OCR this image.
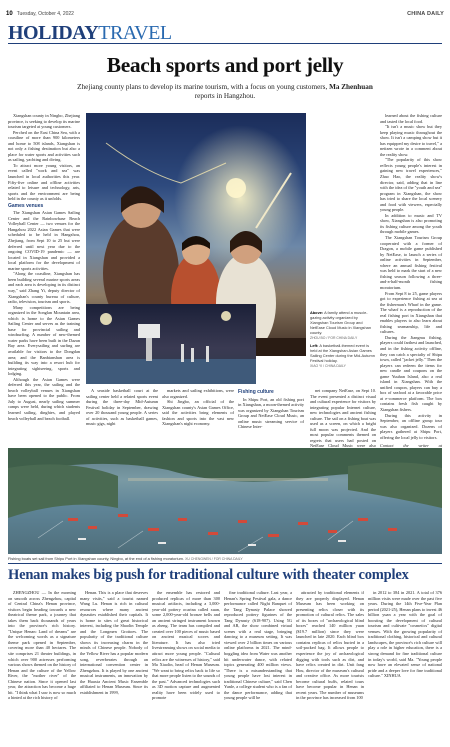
10 Tuesday, October 4, 2022	CHINA DAILY
HOLIDAY TRAVEL
Beach sports and port jelly
Zhejiang county plans to develop its marine tourism, with a focus on young customers, Ma Zhenhuan reports in Hangzhou.

Xiangshan county in Ningbo, Zhejiang province, is seeking to develop its marine tourism targeted at young customers.

Perched on the East China Sea, with a coastline of more than 900 kilometers and home to 508 islands, Xiangshan is not only a fishing destination but also a place for water sports and activities such as sailing, yachting and diving.

To attract more young visitors, an event called "work and sea" was launched in local authorities this year. Fifty-five online and offline activities related to leisure and technology, arts, sports and the environment are being held in the county as it unfolds.

Games venues

The Xiangshan Asian Games Sailing Center and the Rainbowbase Beach Volleyball Center — two venues for the Hangzhou 2022 Asian Games that were scheduled to be held in Hangzhou, Zhejiang, from Sept 10 to 25 but were deferred until next year due to the ongoing COVID-19 pandemic — are located in Xiangshan and provided a local platform for the development of marine sports activities.

"Along the coastline, Xiangshan has been building several marine sports areas and each area is developing in its distinct way," said Zhang Yi, deputy director of Xiangshan's county bureau of culture, radio, television, tourism and sports.

Many competitions are being organized in the Songlan Mountain area, which is home to the Asian Games Sailing Center and serves as the training base for provincial sailing and windsurfing. A number of new-themed water parks have been built in the Dazan Bay area. Everysailing and surfing are available for visitors to the Dongdan area; and the Banbianshan area is building its way into a resort hub for integrating sightseeing, sports and lodging.

Although the Asian Games were deferred this year, the sailing and the beach volleyball venues in Xiangshan have been opened to the public. From July to August, nearly sailing summer camps were held, during which students learned sailing, dinghies, and played beach volleyball and beach football.

Above: A family attend a muscle-gazing activity organized by Xiangshan Tourism Group and NetEase Cloud Music in Xiangshan county.
ZHOU BO / FOR CHINA DAILY
Left: A basketball-themed event is held at the Xiangshan Asian Games Sailing Center during the Mid-Autumn Festival holiday.
XIAO YI / CHINA DAILY

learned about the fishing culture and tasted the local food.

"It isn't a music show but they keep playing music throughout the show. It isn't a camping show but it has equipped my desire to travel," a netizen wrote in a comment about the reality show.

"The popularity of this show reflects young people's interest in gaining new travel experiences," Zhao Hao, the reality show's director, said, adding that in line with the idea of the "youth and sea" program in Xiangshan, the show has tried to share the local scenery and food with viewers, especially young people.

In addition to music and TV show, Xiangshan is also promoting its fishing culture among the youth through mobile games.

The Xiangshan Tourism Group cooperated with a former of Dragon, a mobile game published by NetEase, to launch a series of online activities in September, where an annual fishing festival was held to mark the start of a new fishing season following a three-and-a-half-month fishing moratorium.

From Sept 8 to 25, game players got to experience fishing at sea at the fisherman's Wharf in the game. The wharf is a reproduction of the real fishing port in Xiangshan that enables players to also learn about fishing seamanship, life and cultures.

During the Jiangmu fishing, players could farthest and launched, and in the fishing activity offline, they can catch a specialty of Shipu town, called "jacket jelly." Then the players can redeem the items for new candle and coupons on the game Yuuhan Island, also a real island in Xiangshan. With the unified coupon, players can buy a box of seafood at a favorable price at e-commerce platform. The box contains fresh fish caught by Xiangshan fishers.

During this activity in September, an offline group tour was also organized. Dozens of players gathered at Shipu Port, offering the local jelly to visitors.

Contact the writer at

A seaside basketball court at the sailing center held a related sports event during the three-day Mid-Autumn Festival holiday in September, drawing over 20 thousand young people. A series of activities, such as basketball games, music gigs, night

markets and sailing exhibitions, were also organized.

Shi Jingbo, an official of the Xiangshan county's Asian Games Office, said the activities bring elements of fashion and sports into the vast new Xiangshan's night economy.

Fishing culture

In Shipu Port, an old fishing port in Xiangshan, a moon-themed activity was organized by Xiangshan Tourism Group and NetEase Cloud Music, an online music streaming service of Chinese Inter-

net company NetEase, on Sept 10. The event presented a distinct visual and cultural experience for visitors by integrating popular Internet culture, new technologies and ancient fishing culture. The sail on a fishing boat was used as a screen, on which a bright full moon was projected. And the most popular comments themed on regrets that users had posted on NetEase Cloud Music were also

Fishing boats set sail from Shipu Port in Xiangshan county, Ningbo, at the end of a fishing moratorium. XU CHENGWEN / FOR CHINA DAILY
Henan makes big push for traditional culture with theater complex

ZHENGZHOU — In the morning on smooth across Zhengzhou, capital of Central China's Henan province, visitors begin heading towards a new theatrical theme park, a journey that takes them back thousands of years into the province's rich history. "Unique Henan: Land of dreams" are the welcoming words as a signature theme park opened in September, covering more than 40 hectares. The site comprises 21 theater buildings, in which over 900 actresses performing various shows themed on the history of Henan and the culture of the Yellow River, the "mother river" of the Chinese nation. Since it opened last year, the attraction has become a huge hit. "I think what I saw is now so much a hinted at the rich history of

Henan. This is a place that deserves many visits," said a tourist named Wang Lu. Henan is rich in cultural resources where many ancient dynasties established their capitals. It is home to sites of great historical interest, including the Shaolin Temple and the Longmen Grottoes. The popularity of the traditional culture shows its increasing charm in the minds of Chinese people. Nobody of the Yellow River has a popular modern song, reverberates through an international convention center in Zhengzhou. It is played by one ancient musical instruments, an innovation by the Huaxia Ancient Music Ensemble affiliated to Henan Museum. Since its establishment in 1999,

the ensemble has restored and produced replicas of more than 300 musical artifacts, including a 3,000-year-old pottery ocarina called xuan, some 2,000-year-old bronze bells and an ancient stringed instrument known as zheng. The team has compiled and created over 100 pieces of music based on ancient musical scores and literature. It has also tried livestreaming shows on social media to attract more young people. "Cultural relics are the witnesses of history," said Ma Xiaolin, head of Henan Museum. "We want to bring relics back to life so that more people listen to the sounds of the past." Advanced technologies such as 3D motion capture and augmented reality have been widely used to promote

fine traditional culture. Last year, a Henan's Spring Festival gala, a dance performance called Night Banquet of the Tang Dynasty Palace showed reproduced pottery figurines of the Tang Dynasty (618-907). Using 5G and AR, the show combined virtual scenes with a real stage, bringing dancing to a museum setting. It was viewed over 2 billion times on various online platforms in 2021. The mind-boggling idea from Water was another hit underwater dance, with related topics generating 400 million views. "There is a misunderstanding that young people have lost interest in traditional Chinese culture," said Chen Yunle, a college student who is a fan of the dance performance, adding that young people will be

attracted by traditional elements if they are properly displayed. Henan Museum has been working on presenting relics closer with its promotion of cultural relics. The sales of its boxes of "archaeological blind boxes" reached 140 million yuan ($19.7 million) since they were launched in late 2020. Each blind box contains replicas of relics buried in a soil-packed bag. It allows people to experience the joy of archaeological digging with tools such as dirt, and have relics created in dirt. Unit fang Hou, director of the museum's cultural and creative office. As more tourists become cultural buffs, related tours have become popular in Henan in recent years. The number of museums in the province has increased from 100

in 2012 to 384 in 2021. A total of 376 million visits were made over the past five years. During the 14th Five-Year Plan period (2021-25), Henan plans to invest 46 billion yuan a year with the goal of boosting the development of cultural tourism and cultivate "cosmetics" digital venues. With the growing popularity of traditional clothing, historical and cultural landscapes, the province's rich culture will play a role in higher education, there is a strong demand for fine traditional culture in today's world, said Ma. "Young people now have an elevated sense of national pride and a deeper love for fine traditional culture." XINHUA
